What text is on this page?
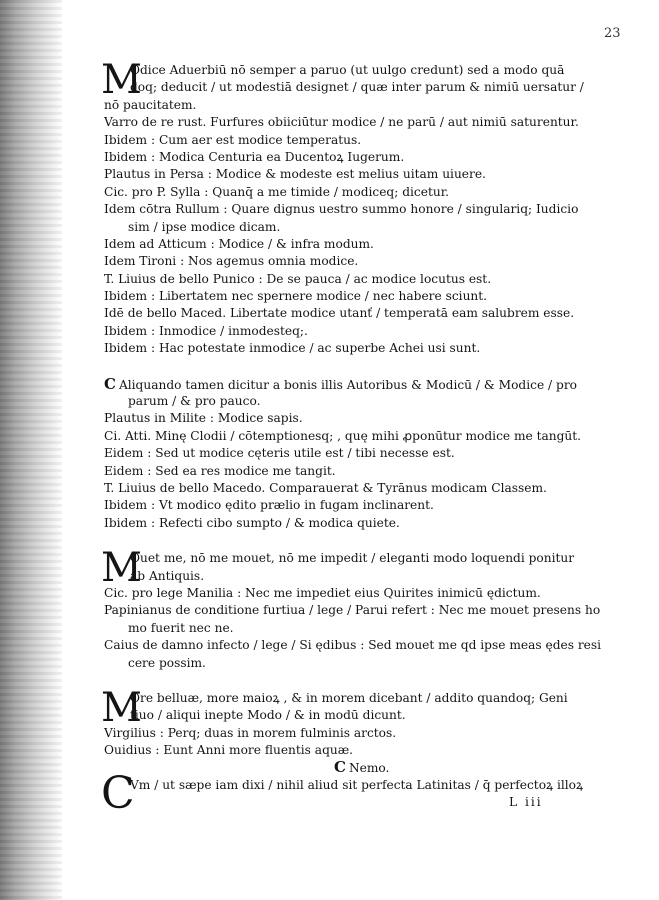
23
M
Odice Aduerbiū nō semper a paruo (ut uulgo credunt) sed a modo quā
doq; deducit / ut modestiā designet / quæ inter parum & nimiū uersatur /
nō paucitatem.
Varro de re rust. Furfures obiiciūtur modice / ne parū / aut nimiū saturentur.
Ibidem : Cum aer est modice temperatus.
Ibidem : Modica Centuria ea Ducentoꝝ Iugerum.
Plautus in Persa : Modice & modeste est melius uitam uiuere.
Cic. pro P. Sylla : Quanq̄ a me timide / modiceq; dicetur.
Idem cōtra Rullum : Quare dignus uestro summo honore / singulariq; Iudicio
sim / ipse modice dicam.
Idem ad Atticum : Modice / & infra modum.
Idem Tironi : Nos agemus omnia modice.
T. Liuius de bello Punico : De se pauca / ac modice locutus est.
Ibidem : Libertatem nec spernere modice / nec habere sciunt.
Idē de bello Maced. Libertate modice utanť / temperatā eam salubrem esse.
Ibidem : Inmodice / inmodesteq;.
Ibidem : Hac potestate inmodice / ac superbe Achei usi sunt.
C Aliquando tamen dicitur a bonis illis Autoribus & Modicū / & Modice / pro
parum / & pro pauco.
Plautus in Milite : Modice sapis.
Ci. Atti. Minę Clodii / cōtemptionesq; , quę mihi ꝓponūtur modice me tangūt.
Eidem : Sed ut modice cęteris utile est / tibi necesse est.
Eidem : Sed ea res modice me tangit.
T. Liuius de bello Macedo. Comparauerat & Tyrānus modicam Classem.
Ibidem : Vt modico ędito prælio in fugam inclinarent.
Ibidem : Refecti cibo sumpto / & modica quiete.
M
Ouet me, nō me mouet, nō me impedit / eleganti modo loquendi ponitur
ab Antiquis.
Cic. pro lege Manilia : Nec me impediet eius Quirites inimicū ędictum.
Papinianus de conditione furtiua / lege / Parui refert : Nec me mouet presens ho
mo fuerit nec ne.
Caius de damno infecto / lege / Si ędibus : Sed mouet me qd ipse meas ędes resi
cere possim.
M
Ore belluæ, more maioꝝ , & in morem dicebant / addito quandoq; Geni
tiuo / aliqui inepte Modo / & in modū dicunt.
Virgilius : Perq; duas in morem fulminis arctos.
Ouidius : Eunt Anni more fluentis aquæ.
C Nemo.
C
Vm / ut sæpe iam dixi / nihil aliud sit perfecta Latinitas / q̄ perfectoꝝ illoꝝ
L iii
